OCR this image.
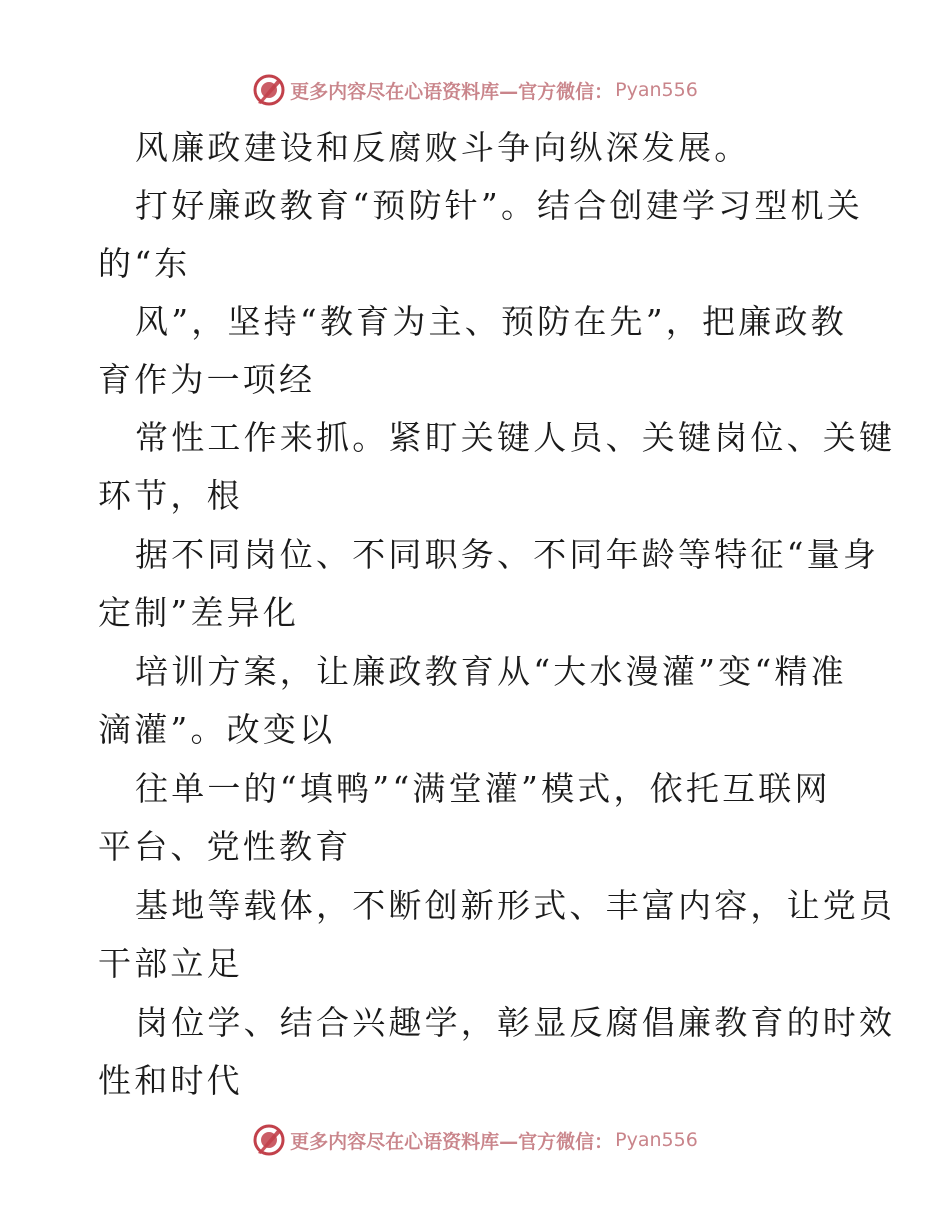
更多内容尽在心语资料库—官方微信： Pyan556
风廉政建设和反腐败斗争向纵深发展。
打好廉政教育“预防针”。结合创建学习型机关
的“东
风”，坚持“教育为主、预防在先”，把廉政教
育作为一项经
常性工作来抓。紧盯关键人员、关键岗位、关键
环节，根
据不同岗位、不同职务、不同年龄等特征“量身
定制”差异化
培训方案，让廉政教育从“大水漫灌”变“精准
滴灌”。改变以
往单一的“填鸭”“满堂灌”模式，依托互联网
平台、党性教育
基地等载体，不断创新形式、丰富内容，让党员
干部立足
岗位学、结合兴趣学，彰显反腐倡廉教育的时效
性和时代
更多内容尽在心语资料库—官方微信： Pyan556
